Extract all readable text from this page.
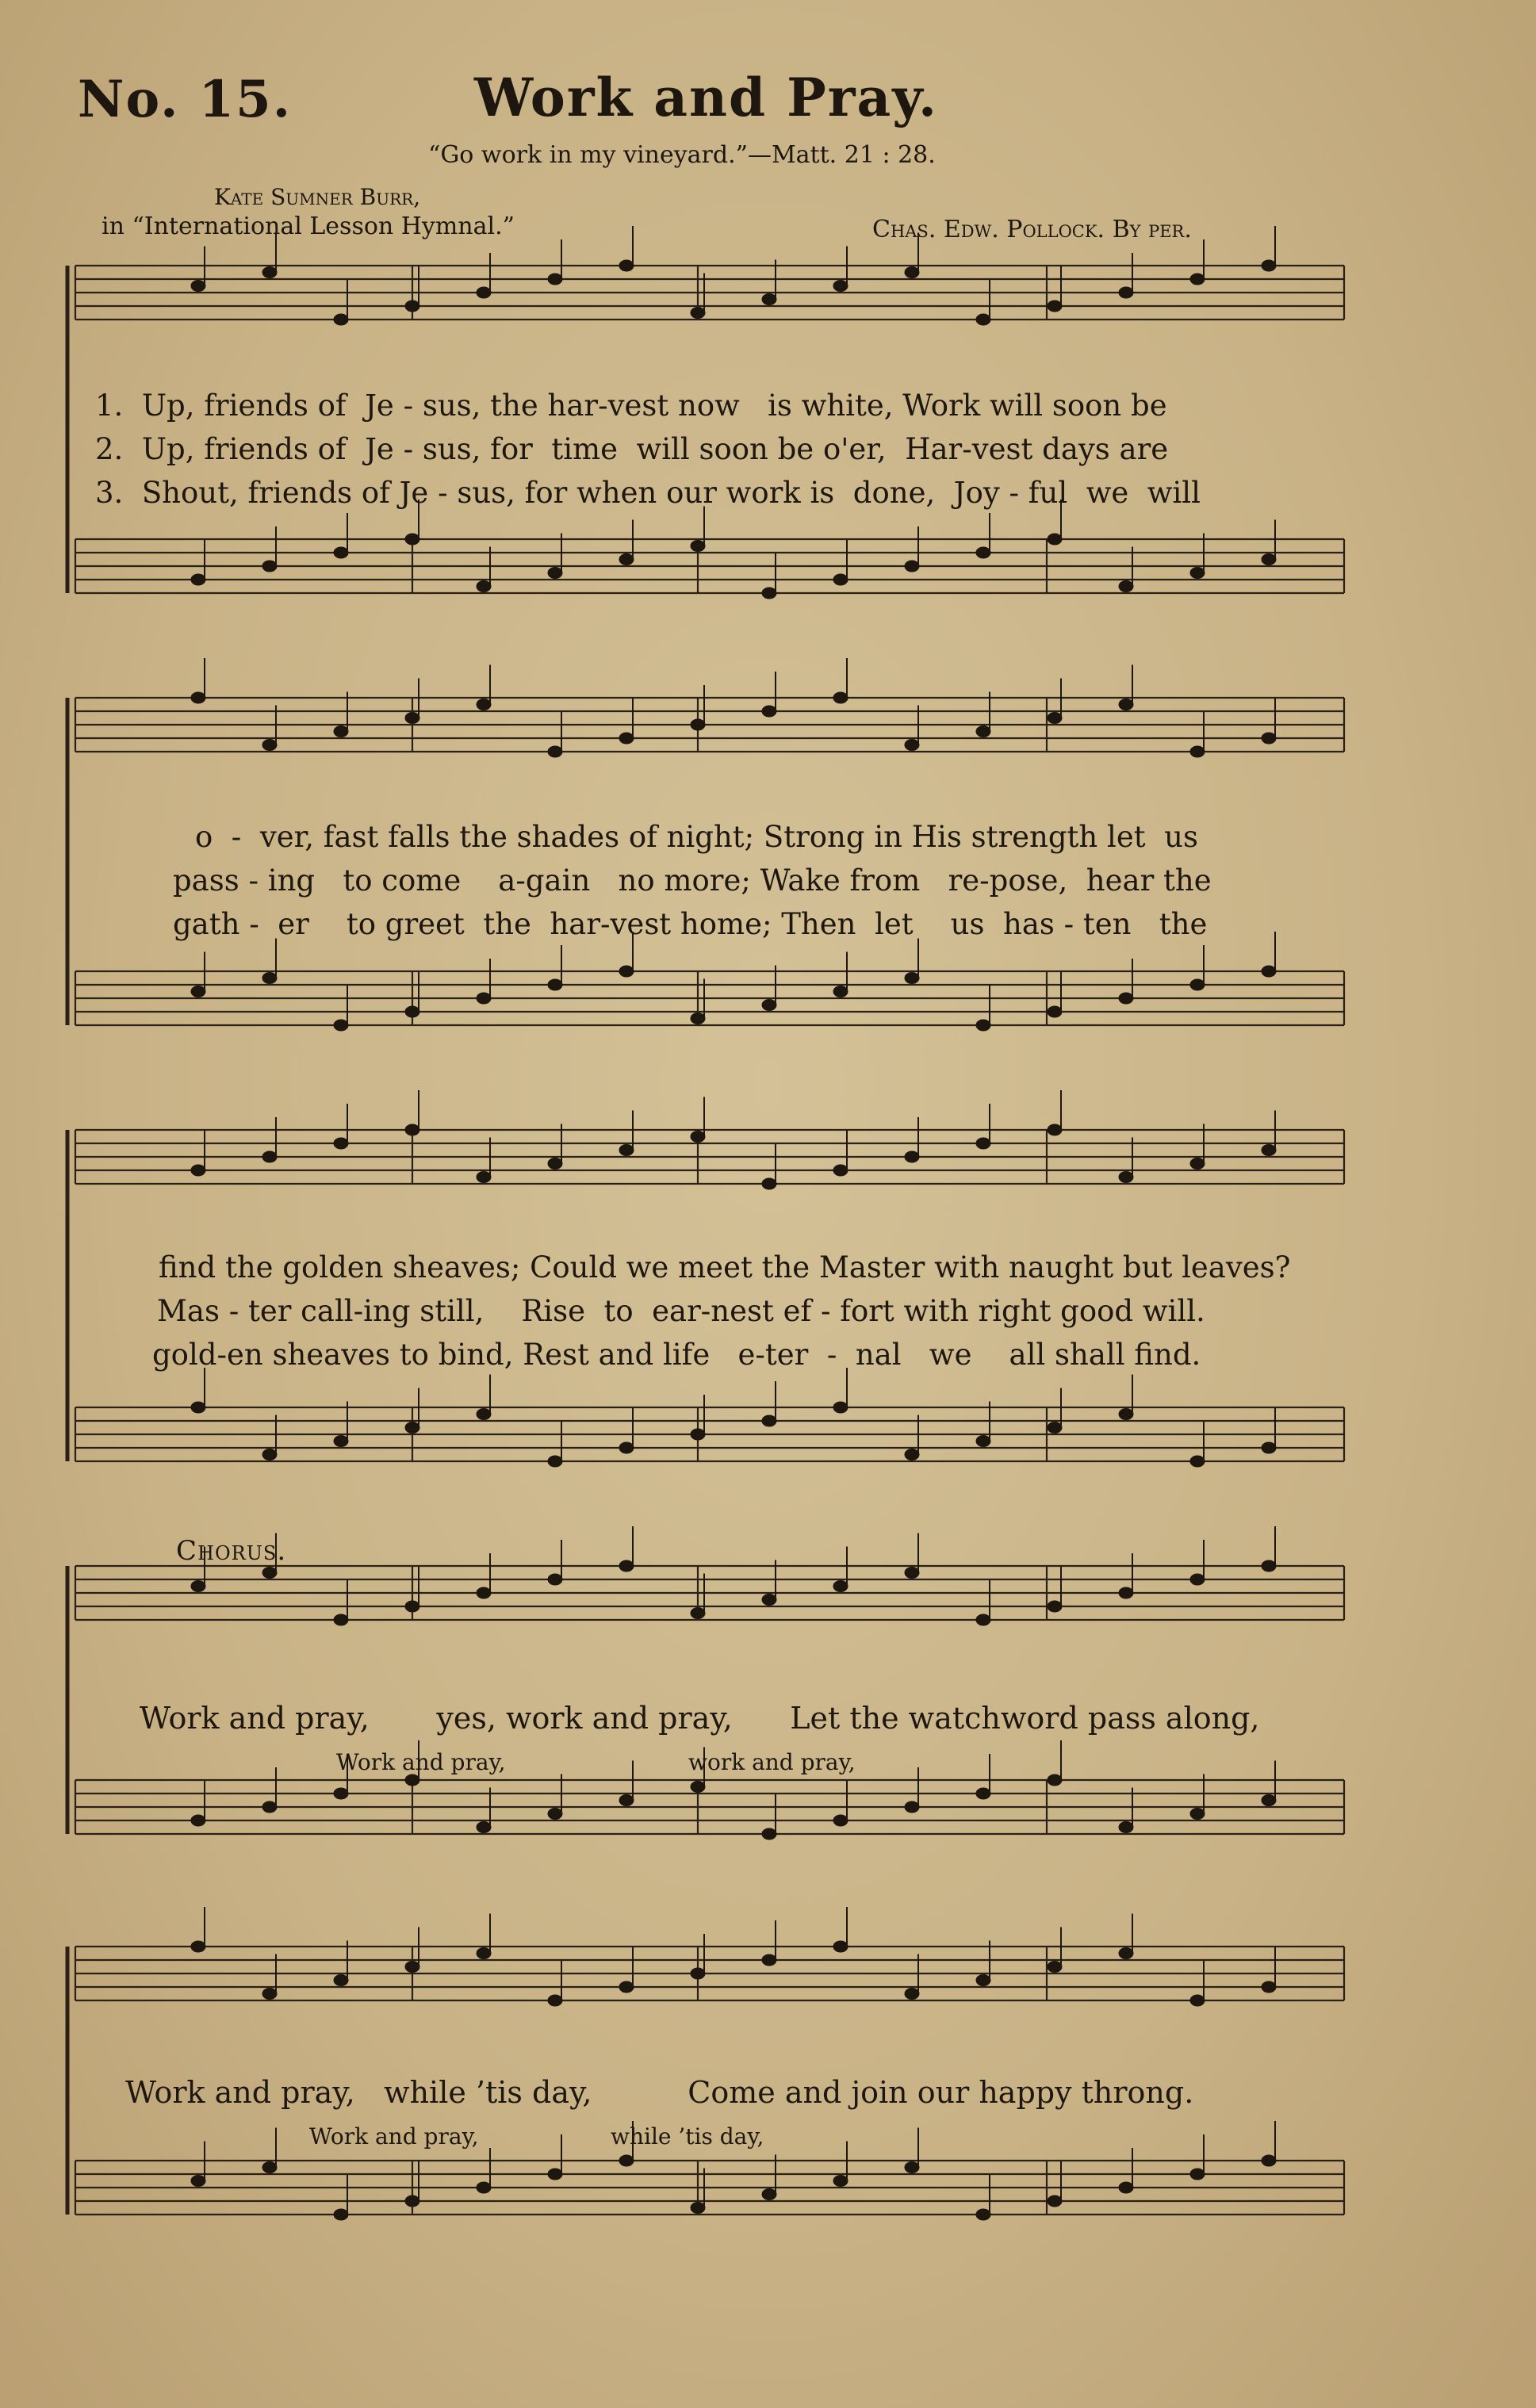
No. 15.	Work and Pray.
“Go work in my vineyard.”—Matt. 21 : 28.
Kate Sumner Burr,
in “International Lesson Hymnal.”	Chas. Edw. Pollock. By per.
1.  Up, friends of  Je - sus, the har-vest now   is white, Work will soon be
2.  Up, friends of  Je - sus, for  time  will soon be o'er,  Har-vest days are
3.  Shout, friends of Je - sus, for when our work is  done,  Joy - ful  we  will
o  -  ver, fast falls the shades of night; Strong in His strength let  us
pass - ing   to come    a-gain   no more; Wake from   re-pose,  hear the
gath -  er    to greet  the  har-vest home; Then  let    us  has - ten   the
find the golden sheaves; Could we meet the Master with naught but leaves?
Mas - ter call-ing still,    Rise  to  ear-nest ef - fort with right good will.
gold-en sheaves to bind, Rest and life   e-ter  -  nal   we    all shall find.
Chorus.
Work and pray,       yes, work and pray,      Let the watchword pass along,
Work and pray,	work and pray,
Work and pray,   while ’tis day,          Come and join our happy throng.
Work and pray,	while ’tis day,
